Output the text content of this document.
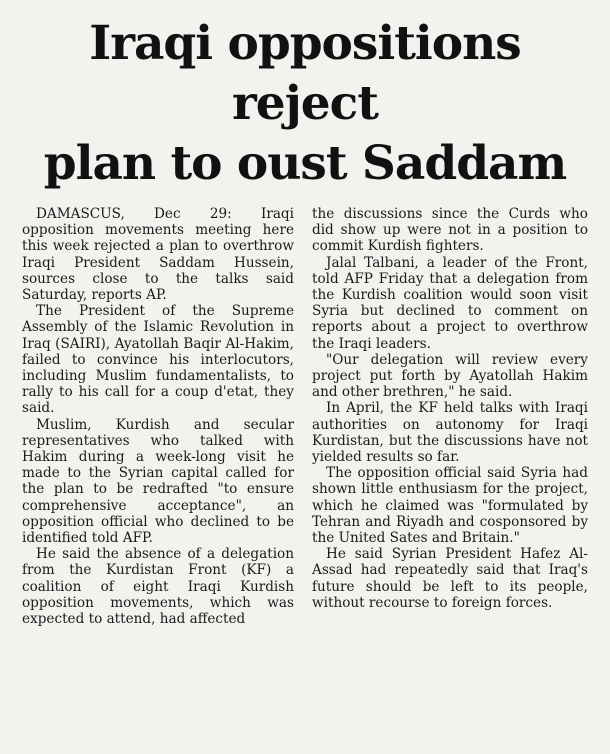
Iraqi oppositions reject
plan to oust Saddam

DAMASCUS, Dec 29: Iraqi opposition movements meeting here this week rejected a plan to overthrow Iraqi President Saddam Hussein, sources close to the talks said Saturday, reports AP.

The President of the Supreme Assembly of the Islamic Revolution in Iraq (SAIRI), Ayatollah Baqir Al-Hakim, failed to convince his interlocutors, including Muslim fundamentalists, to rally to his call for a coup d'etat, they said.

Muslim, Kurdish and secular representatives who talked with Hakim during a week-long visit he made to the Syrian capital called for the plan to be redrafted "to ensure comprehensive acceptance", an opposition official who declined to be identified told AFP.

He said the absence of a delegation from the Kurdistan Front (KF) a coalition of eight Iraqi Kurdish opposition movements, which was expected to attend, had affected

the discussions since the Curds who did show up were not in a position to commit Kurdish fighters.

Jalal Talbani, a leader of the Front, told AFP Friday that a delegation from the Kurdish coalition would soon visit Syria but declined to comment on reports about a project to overthrow the Iraqi leaders.

"Our delegation will review every project put forth by Ayatollah Hakim and other brethren," he said.

In April, the KF held talks with Iraqi authorities on autonomy for Iraqi Kurdistan, but the discussions have not yielded results so far.

The opposition official said Syria had shown little enthusiasm for the project, which he claimed was "formulated by Tehran and Riyadh and cosponsored by the United Sates and Britain."

He said Syrian President Hafez Al-Assad had repeatedly said that Iraq's future should be left to its people, without recourse to foreign forces.
